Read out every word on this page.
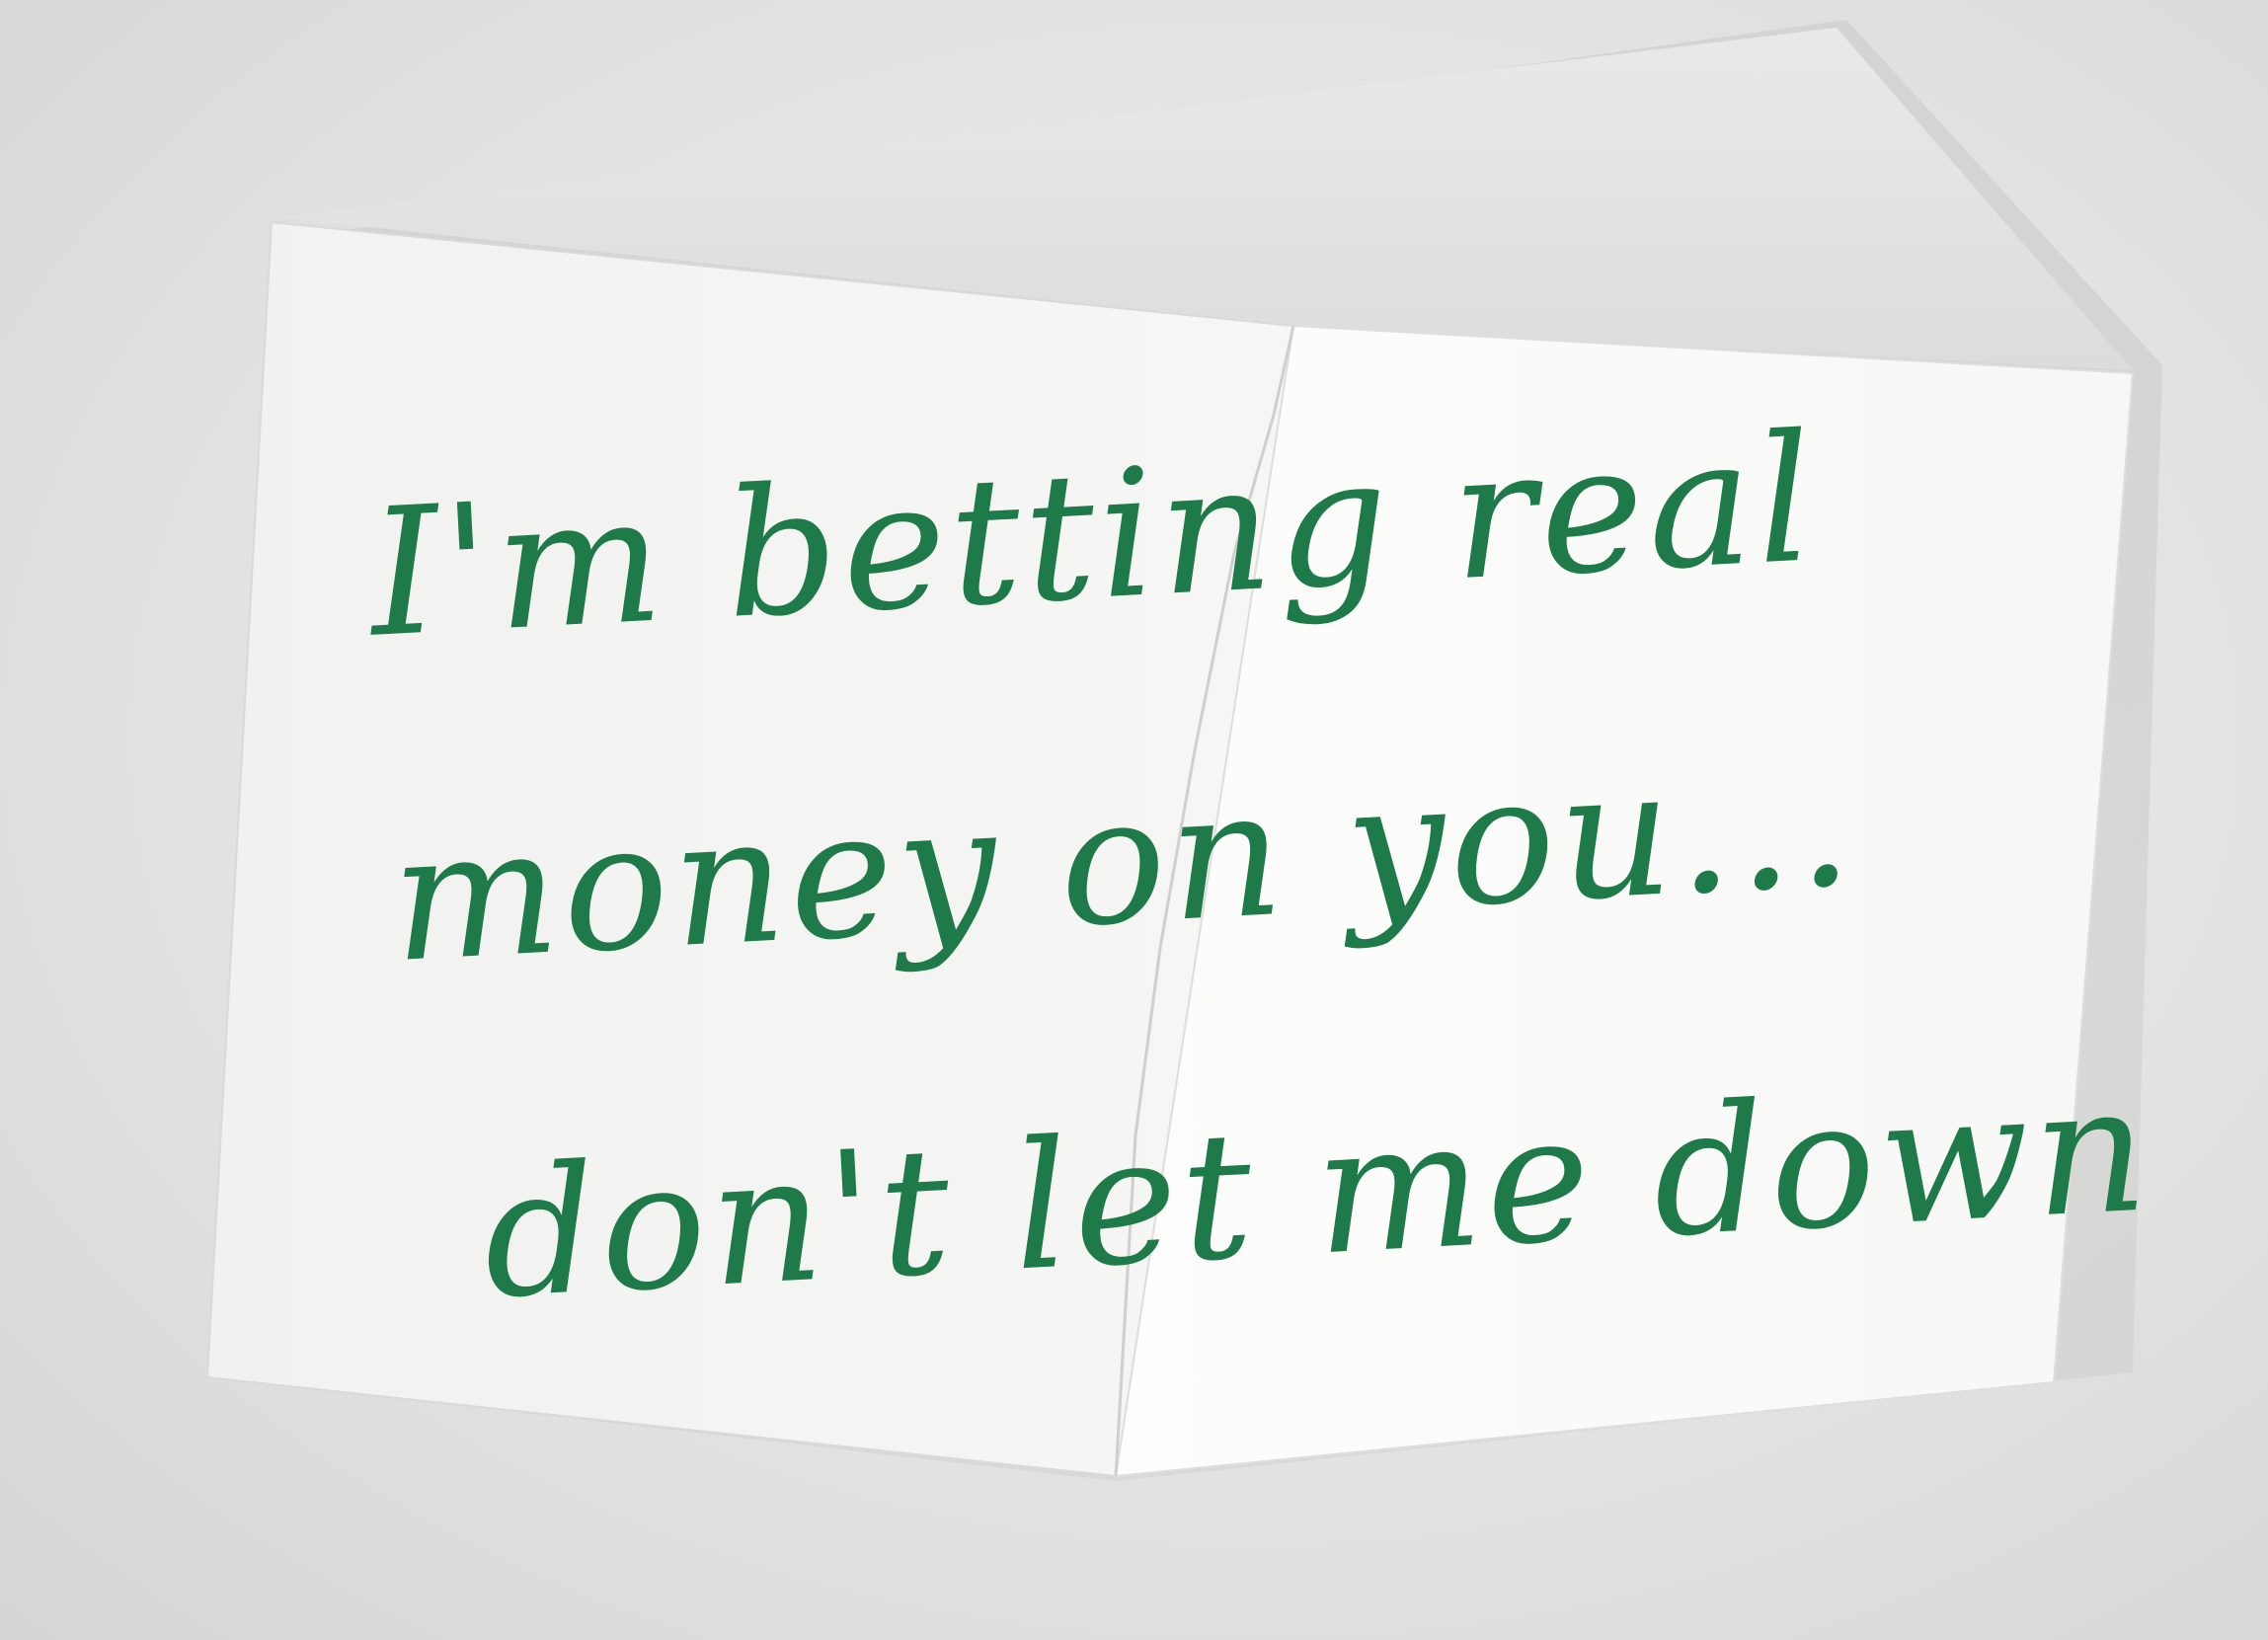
I'm betting real
money on you...
don't let me down
